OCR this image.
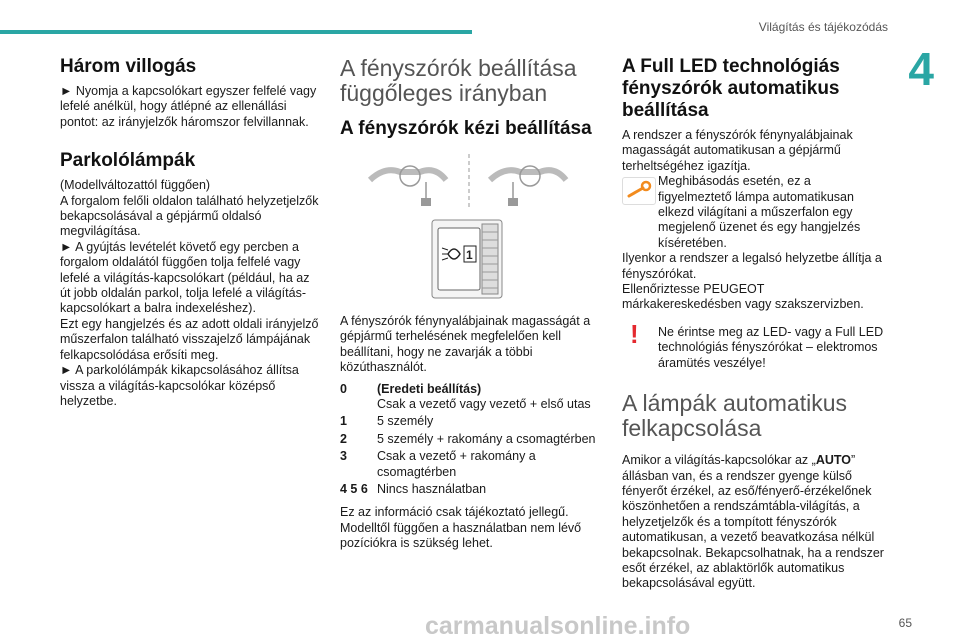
Világítás és tájékozódás
4
Három villogás

► Nyomja a kapcsolókart egyszer felfelé vagy lefelé anélkül, hogy átlépné az ellenállási pontot: az irányjelzők háromszor felvillannak.

Parkolólámpák

(Modellváltozattól függően)

A forgalom felőli oldalon található helyzetjelzők bekapcsolásával a gépjármű oldalsó megvilágítása.

► A gyújtás levételét követő egy percben a forgalom oldalától függően tolja felfelé vagy lefelé a világítás-kapcsolókart (például, ha az út jobb oldalán parkol, tolja lefelé a világítás-kapcsolókart a balra indexeléshez).

Ezt egy hangjelzés és az adott oldali irányjelző műszerfalon található visszajelző lámpájának felkapcsolódása erősíti meg.

► A parkolólámpák kikapcsolásához állítsa vissza a világítás-kapcsolókar középső helyzetbe.

A fényszórók beállítása függőleges irányban
A fényszórók kézi beállítása
1

A fényszórók fénynyalábjainak magasságát a gépjármű terhelésének megfelelően kell beállítani, hogy ne zavarják a többi közúthasználót.

0	(Eredeti beállítás)
Csak a vezető vagy vezető + első utas
1	5 személy
2	5 személy + rakomány a csomagtérben
3	Csak a vezető + rakomány a csomagtérben
4 5 6	Nincs használatban

Ez az információ csak tájékoztató jellegű. Modelltől függően a használatban nem lévő pozíciókra is szükség lehet.

A Full LED technológiás fényszórók automatikus beállítása

A rendszer a fényszórók fénynyalábjainak magasságát automatikusan a gépjármű terheltségéhez igazítja.

Meghibásodás esetén, ez a figyelmeztető lámpa automatikusan elkezd világítani a műszerfalon egy megjelenő üzenet és egy hangjelzés kíséretében.

Ilyenkor a rendszer a legalsó helyzetbe állítja a fényszórókat.

Ellenőriztesse PEUGEOT márkakereskedésben vagy szakszervizben.

! Ne érintse meg az LED- vagy a Full LED technológiás fényszórókat – elektromos áramütés veszélye!

A lámpák automatikus felkapcsolása

Amikor a világítás-kapcsolókar az „AUTO” állásban van, és a rendszer gyenge külső fényerőt érzékel, az eső/fényerő-érzékelőnek köszönhetően a rendszámtábla-világítás, a helyzetjelzők és a tompított fényszórók automatikusan, a vezető beavatkozása nélkül bekapcsolnak. Bekapcsolhatnak, ha a rendszer esőt érzékel, az ablaktörlők automatikus bekapcsolásával együtt.

65
carmanualsonline.info
